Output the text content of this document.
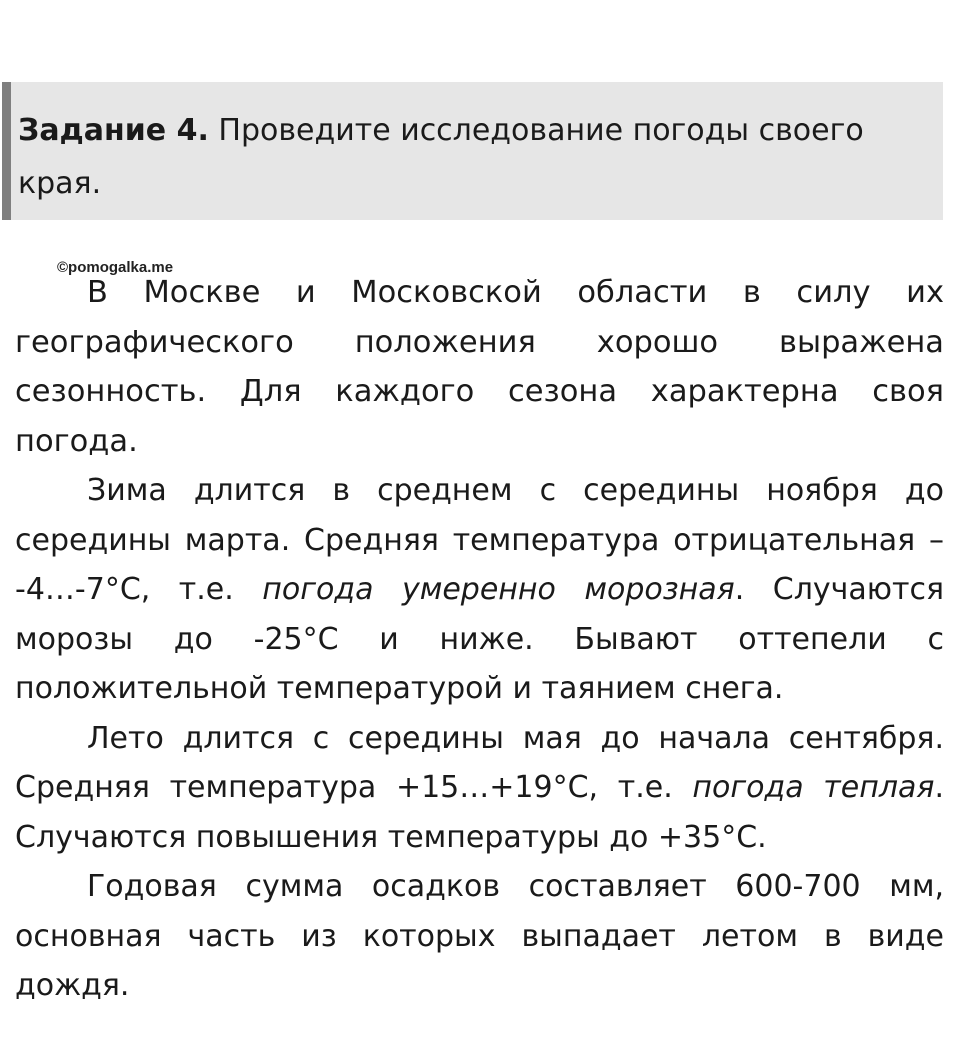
Задание 4. Проведите исследование погоды своего края.

©pomogalka.me

В Москве и Московской области в силу их географического положения хорошо выражена сезонность. Для каждого сезона характерна своя погода.

Зима длится в среднем с середины ноября до середины марта. Средняя температура отрицательная – -4…-7°С, т.е. погода умеренно морозная. Случаются морозы до -25°С и ниже. Бывают оттепели с положительной температурой и таянием снега.

Лето длится с середины мая до начала сентября. Средняя температура +15…+19°С, т.е. погода теплая. Случаются повышения температуры до +35°С.

Годовая сумма осадков составляет 600-700 мм, основная часть из которых выпадает летом в виде дождя.
